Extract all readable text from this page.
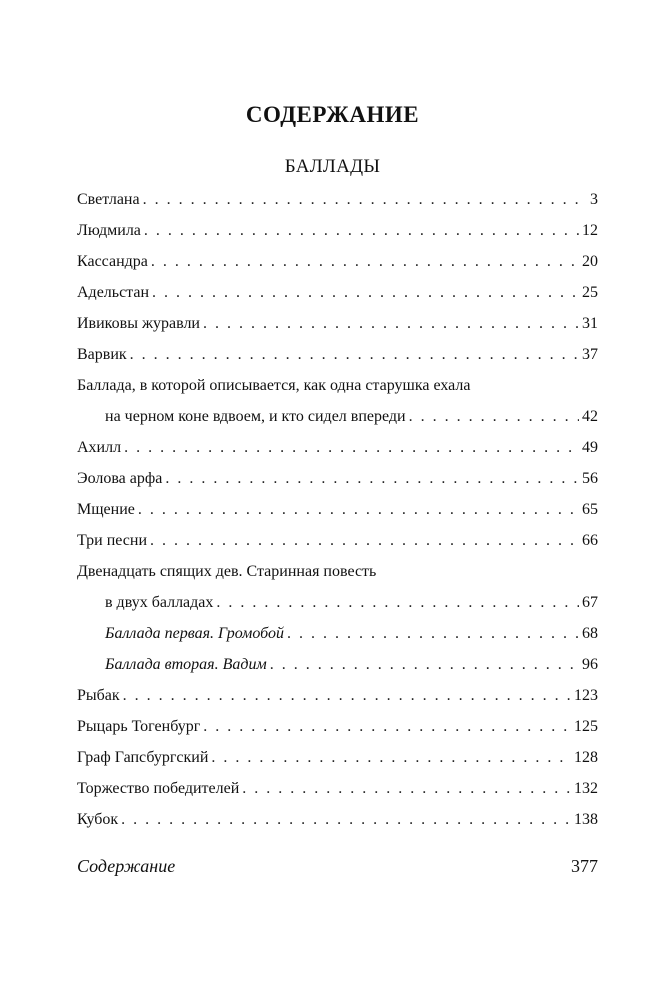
СОДЕРЖАНИЕ
БАЛЛАДЫ
Светлана . . .	3
Людмила . . .	12
Кассандра . . .	20
Адельстан . . .	25
Ивиковы журавли . . .	31
Варвик . . .	37
Баллада, в которой описывается, как одна старушка ехала
на черном коне вдвоем, и кто сидел впереди . . .	42
Ахилл . . .	49
Эолова арфа . . .	56
Мщение . . .	65
Три песни . . .	66
Двенадцать спящих дев. Старинная повесть
в двух балладах . . .	67
Баллада первая. Громобой . . .	68
Баллада вторая. Вадим . . .	96
Рыбак . . .	123
Рыцарь Тогенбург . . .	125
Граф Гапсбургский . . .	128
Торжество победителей . . .	132
Кубок . . .	138
Содержание	377
